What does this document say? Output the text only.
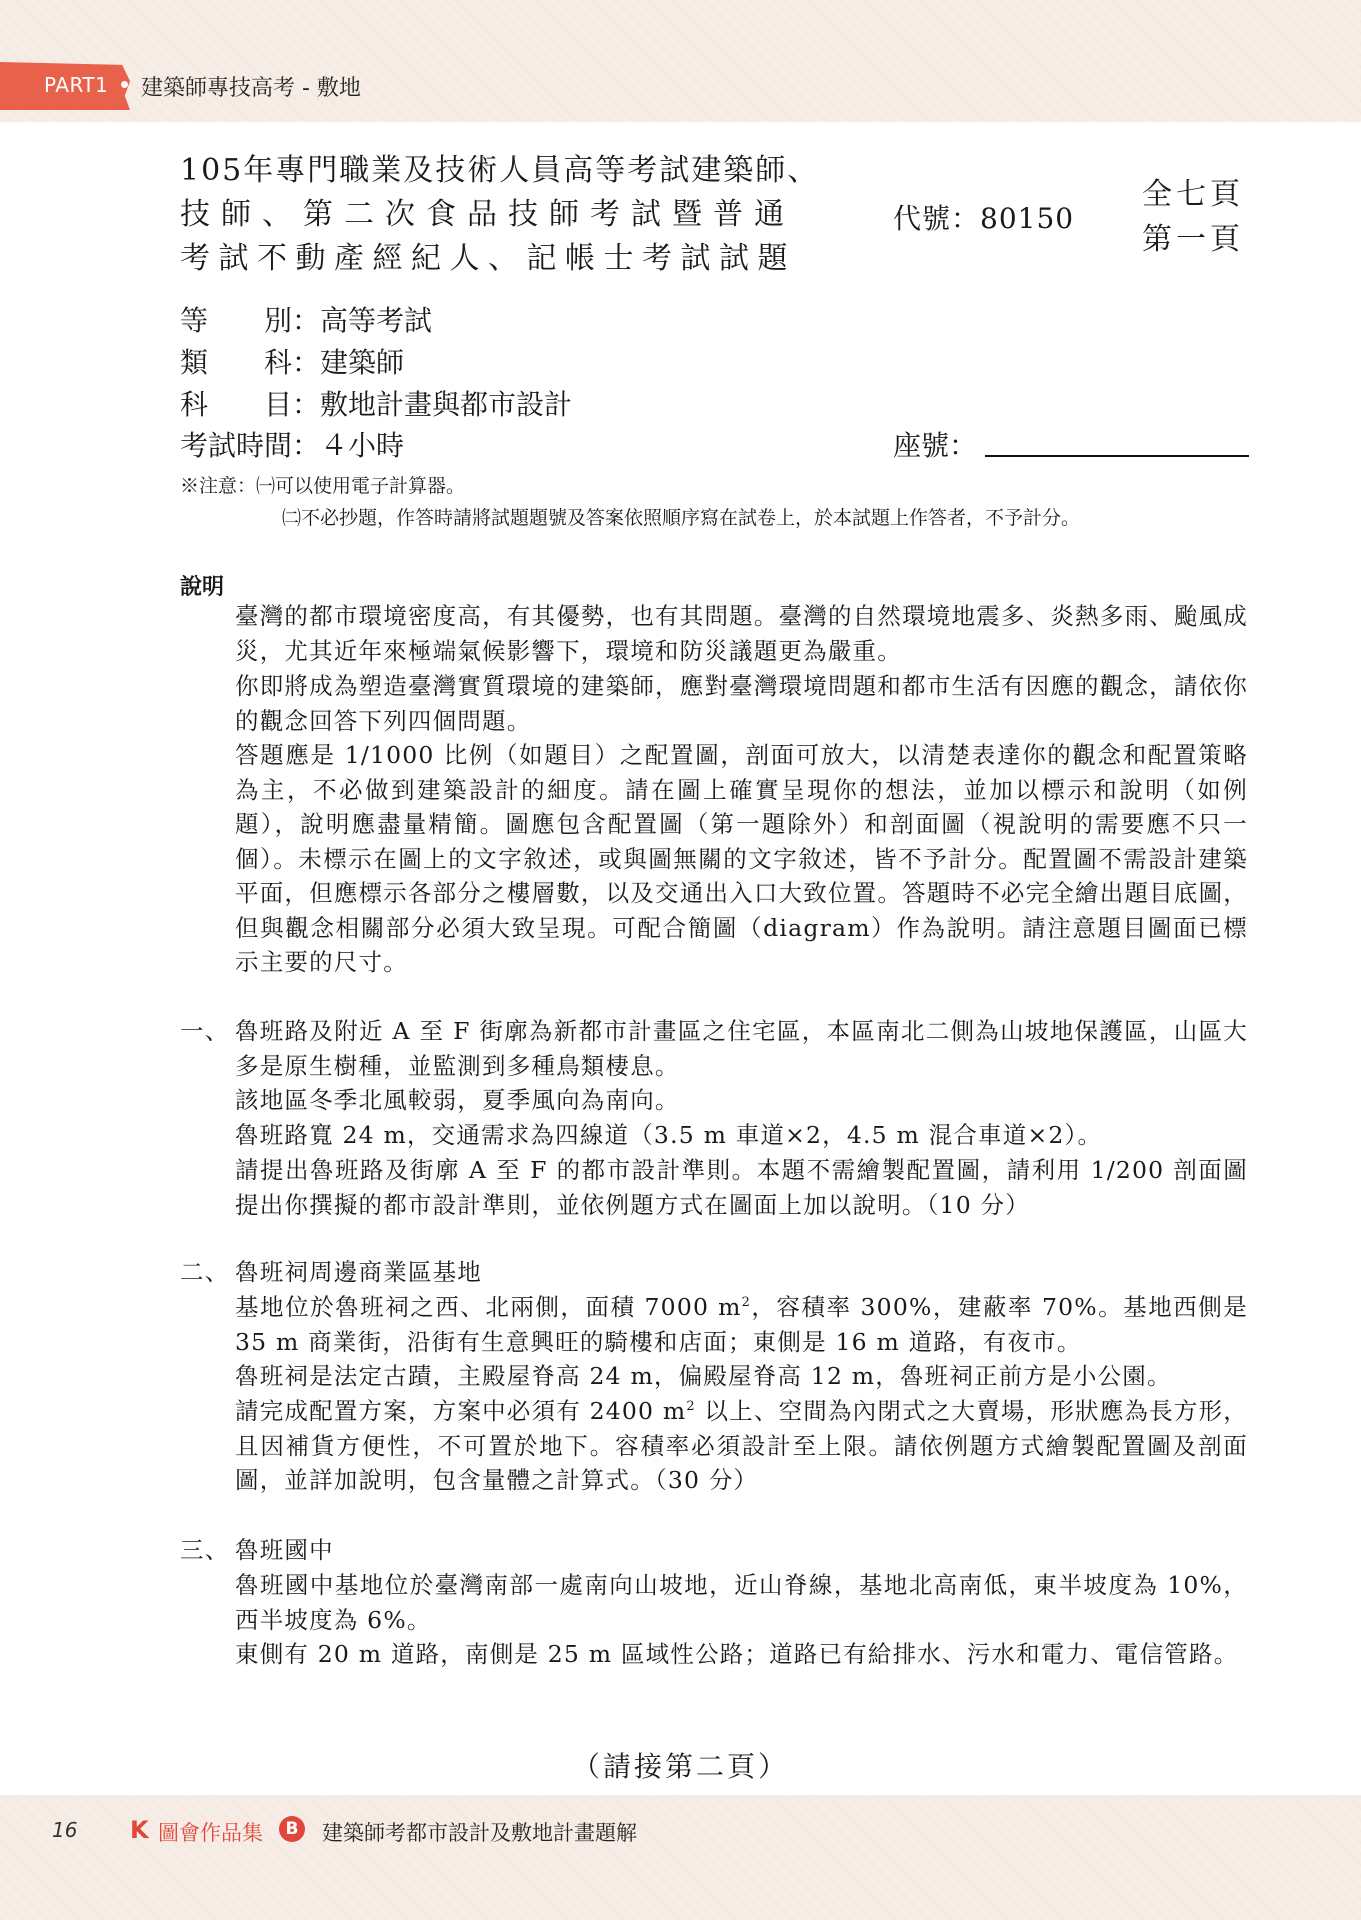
PART1 建築師專技高考 - 敷地
105年專門職業及技術人員高等考試建築師、
技師、第二次食品技師考試暨普通
考試不動產經紀人、記帳士考試試題
代號：80150
全七頁
第一頁
等　　別：高等考試
類　　科：建築師
科　　目：敷地計畫與都市設計
考試時間：４小時	座號：
※注意：㈠可以使用電子計算器。
㈡不必抄題，作答時請將試題題號及答案依照順序寫在試卷上，於本試題上作答者，不予計分。
說明
臺灣的都市環境密度高，有其優勢，也有其問題。臺灣的自然環境地震多、炎熱多雨、颱風成災，尤其近年來極端氣候影響下，環境和防災議題更為嚴重。
你即將成為塑造臺灣實質環境的建築師，應對臺灣環境問題和都市生活有因應的觀念，請依你的觀念回答下列四個問題。
答題應是 1/1000 比例（如題目）之配置圖，剖面可放大，以清楚表達你的觀念和配置策略為主，不必做到建築設計的細度。請在圖上確實呈現你的想法，並加以標示和說明（如例題），說明應盡量精簡。圖應包含配置圖（第一題除外）和剖面圖（視說明的需要應不只一個）。未標示在圖上的文字敘述，或與圖無關的文字敘述，皆不予計分。配置圖不需設計建築平面，但應標示各部分之樓層數，以及交通出入口大致位置。答題時不必完全繪出題目底圖，但與觀念相關部分必須大致呈現。可配合簡圖（diagram）作為說明。請注意題目圖面已標示主要的尺寸。
一、 魯班路及附近 A 至 F 街廓為新都市計畫區之住宅區，本區南北二側為山坡地保護區，山區大多是原生樹種，並監測到多種鳥類棲息。
該地區冬季北風較弱，夏季風向為南向。
魯班路寬 24 m，交通需求為四線道（3.5 m 車道×2，4.5 m 混合車道×2）。
請提出魯班路及街廓 A 至 F 的都市設計準則。本題不需繪製配置圖，請利用 1/200 剖面圖提出你撰擬的都市設計準則，並依例題方式在圖面上加以說明。（10 分）
二、 魯班祠周邊商業區基地
基地位於魯班祠之西、北兩側，面積 7000 $m^2$，容積率 300%，建蔽率 70%。基地西側是 35 m 商業街，沿街有生意興旺的騎樓和店面；東側是 16 m 道路，有夜市。
魯班祠是法定古蹟，主殿屋脊高 24 m，偏殿屋脊高 12 m，魯班祠正前方是小公園。
請完成配置方案，方案中必須有 2400 $m^2$ 以上、空間為內閉式之大賣場，形狀應為長方形，且因補貨方便性，不可置於地下。容積率必須設計至上限。請依例題方式繪製配置圖及剖面圖，並詳加說明，包含量體之計算式。（30 分）
三、 魯班國中
魯班國中基地位於臺灣南部一處南向山坡地，近山脊線，基地北高南低，東半坡度為 10%，西半坡度為 6%。
東側有 20 m 道路，南側是 25 m 區域性公路；道路已有給排水、污水和電力、電信管路。
（請接第二頁）
16 K 圖會作品集	B	建築師考都市設計及敷地計畫題解
